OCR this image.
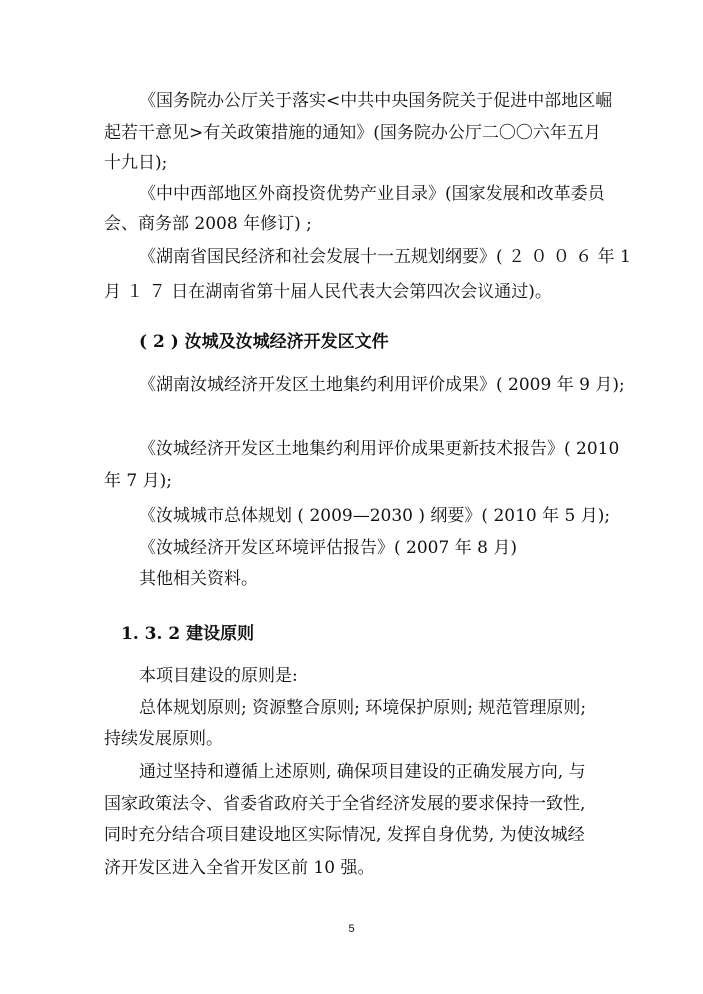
《国务院办公厅关于落实<中共中央国务院关于促进中部地区崛
起若干意见>有关政策措施的通知》(国务院办公厅二〇〇六年五月
十九日);
《中中西部地区外商投资优势产业目录》(国家发展和改革委员
会、商务部 2008 年修订) ;
《湖南省国民经济和社会发展十一五规划纲要》( ２ ０ ０ ６ 年 1
月 １ ７ 日在湖南省第十届人民代表大会第四次会议通过)。
( 2 ) 汝城及汝城经济开发区文件
《湖南汝城经济开发区土地集约利用评价成果》( 2009 年 9 月);
《汝城经济开发区土地集约利用评价成果更新技术报告》( 2010
年 7 月);
《汝城城市总体规划 ( 2009—2030 ) 纲要》( 2010 年 5 月);
《汝城经济开发区环境评估报告》( 2007 年 8 月)
其他相关资料。
1. 3. 2 建设原则
本项目建设的原则是:
总体规划原则; 资源整合原则; 环境保护原则; 规范管理原则;
持续发展原则。
通过坚持和遵循上述原则, 确保项目建设的正确发展方向, 与
国家政策法令、省委省政府关于全省经济发展的要求保持一致性,
同时充分结合项目建设地区实际情况, 发挥自身优势, 为使汝城经
济开发区进入全省开发区前 10 强。
5
